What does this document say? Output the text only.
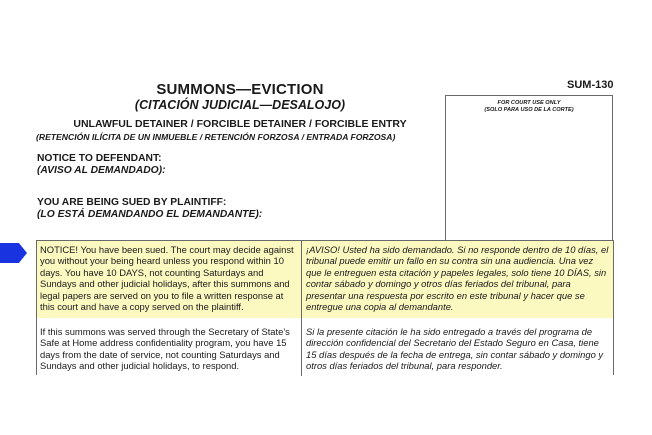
SUM-130
SUMMONS—EVICTION
(CITACIÓN JUDICIAL—DESALOJO)
UNLAWFUL DETAINER / FORCIBLE DETAINER / FORCIBLE ENTRY
(RETENCIÓN ILÍCITA DE UN INMUEBLE / RETENCIÓN FORZOSA / ENTRADA FORZOSA)
FOR COURT USE ONLY
(SOLO PARA USO DE LA CORTE)
NOTICE TO DEFENDANT:
(AVISO AL DEMANDADO):
YOU ARE BEING SUED BY PLAINTIFF:
(LO ESTÁ DEMANDANDO EL DEMANDANTE):
NOTICE! You have been sued. The court may decide against you without your being heard unless you respond within 10 days. You have 10 DAYS, not counting Saturdays and Sundays and other judicial holidays, after this summons and legal papers are served on you to file a written response at this court and have a copy served on the plaintiff.
¡AVISO! Usted ha sido demandado. Si no responde dentro de 10 días, el tribunal puede emitir un fallo en su contra sin una audiencia. Una vez que le entreguen esta citación y papeles legales, solo tiene 10 DÍAS, sin contar sábado y domingo y otros días feriados del tribunal, para presentar una respuesta por escrito en este tribunal y hacer que se entregue una copia al demandante.
If this summons was served through the Secretary of State's Safe at Home address confidentiality program, you have 15 days from the date of service, not counting Saturdays and Sundays and other judicial holidays, to respond.
Si la presente citación le ha sido entregado a través del programa de dirección confidencial del Secretario del Estado Seguro en Casa, tiene 15 días después de la fecha de entrega, sin contar sábado y domingo y otros días feriados del tribunal, para responder.
